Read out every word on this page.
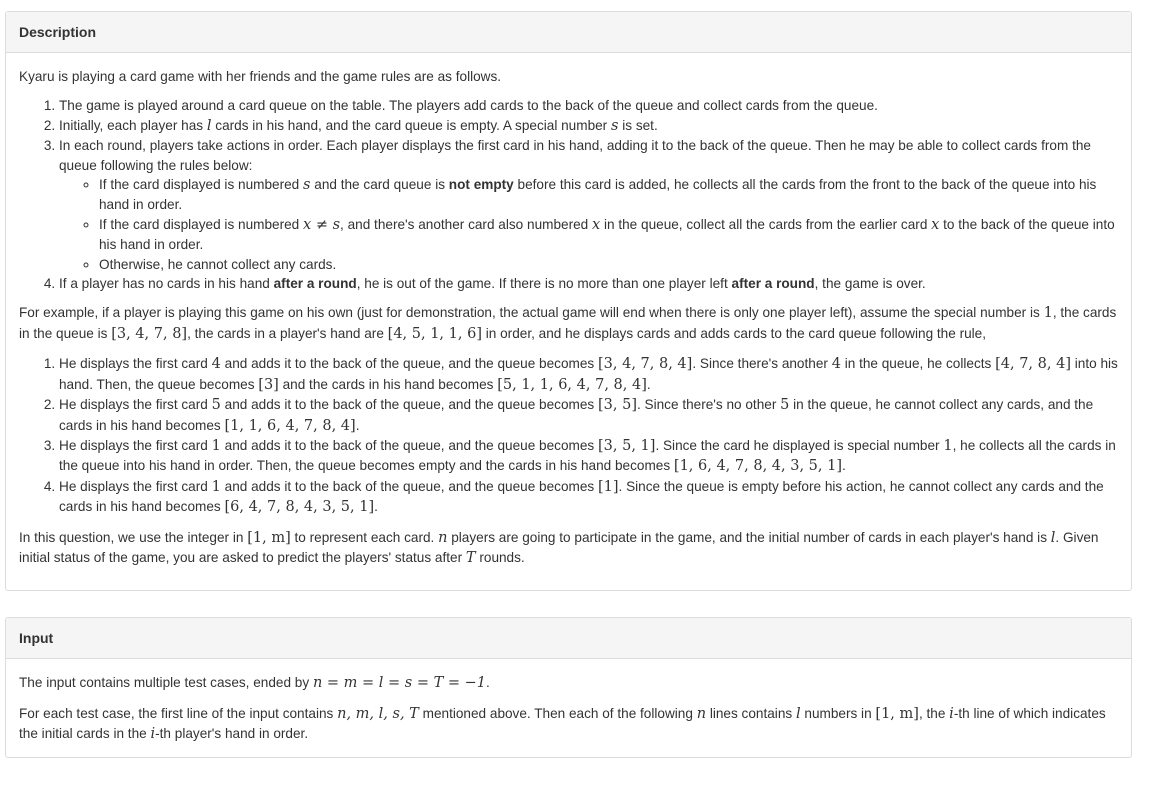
Description

Kyaru is playing a card game with her friends and the game rules are as follows.

1. The game is played around a card queue on the table. The players add cards to the back of the queue and collect cards from the queue.
2. Initially, each player has l cards in his hand, and the card queue is empty. A special number s is set.
3. In each round, players take actions in order. Each player displays the first card in his hand, adding it to the back of the queue. Then he may be able to collect cards from the queue following the rules below:
◦ If the card displayed is numbered s and the card queue is not empty before this card is added, he collects all the cards from the front to the back of the queue into his hand in order.
◦ If the card displayed is numbered x ≠ s, and there's another card also numbered x in the queue, collect all the cards from the earlier card x to the back of the queue into his hand in order.
◦ Otherwise, he cannot collect any cards.
4. If a player has no cards in his hand after a round, he is out of the game. If there is no more than one player left after a round, the game is over.

For example, if a player is playing this game on his own (just for demonstration, the actual game will end when there is only one player left), assume the special number is 1, the cards in the queue is [3, 4, 7, 8], the cards in a player's hand are [4, 5, 1, 1, 6] in order, and he displays cards and adds cards to the card queue following the rule,

1. He displays the first card 4 and adds it to the back of the queue, and the queue becomes [3, 4, 7, 8, 4]. Since there's another 4 in the queue, he collects [4, 7, 8, 4] into his hand. Then, the queue becomes [3] and the cards in his hand becomes [5, 1, 1, 6, 4, 7, 8, 4].
2. He displays the first card 5 and adds it to the back of the queue, and the queue becomes [3, 5]. Since there's no other 5 in the queue, he cannot collect any cards, and the cards in his hand becomes [1, 1, 6, 4, 7, 8, 4].
3. He displays the first card 1 and adds it to the back of the queue, and the queue becomes [3, 5, 1]. Since the card he displayed is special number 1, he collects all the cards in the queue into his hand in order. Then, the queue becomes empty and the cards in his hand becomes [1, 6, 4, 7, 8, 4, 3, 5, 1].
4. He displays the first card 1 and adds it to the back of the queue, and the queue becomes [1]. Since the queue is empty before his action, he cannot collect any cards and the cards in his hand becomes [6, 4, 7, 8, 4, 3, 5, 1].

In this question, we use the integer in [1, m] to represent each card. n players are going to participate in the game, and the initial number of cards in each player's hand is l. Given initial status of the game, you are asked to predict the players' status after T rounds.

Input

The input contains multiple test cases, ended by n = m = l = s = T = −1.

For each test case, the first line of the input contains n, m, l, s, T mentioned above. Then each of the following n lines contains l numbers in [1, m], the i-th line of which indicates the initial cards in the i-th player's hand in order.
